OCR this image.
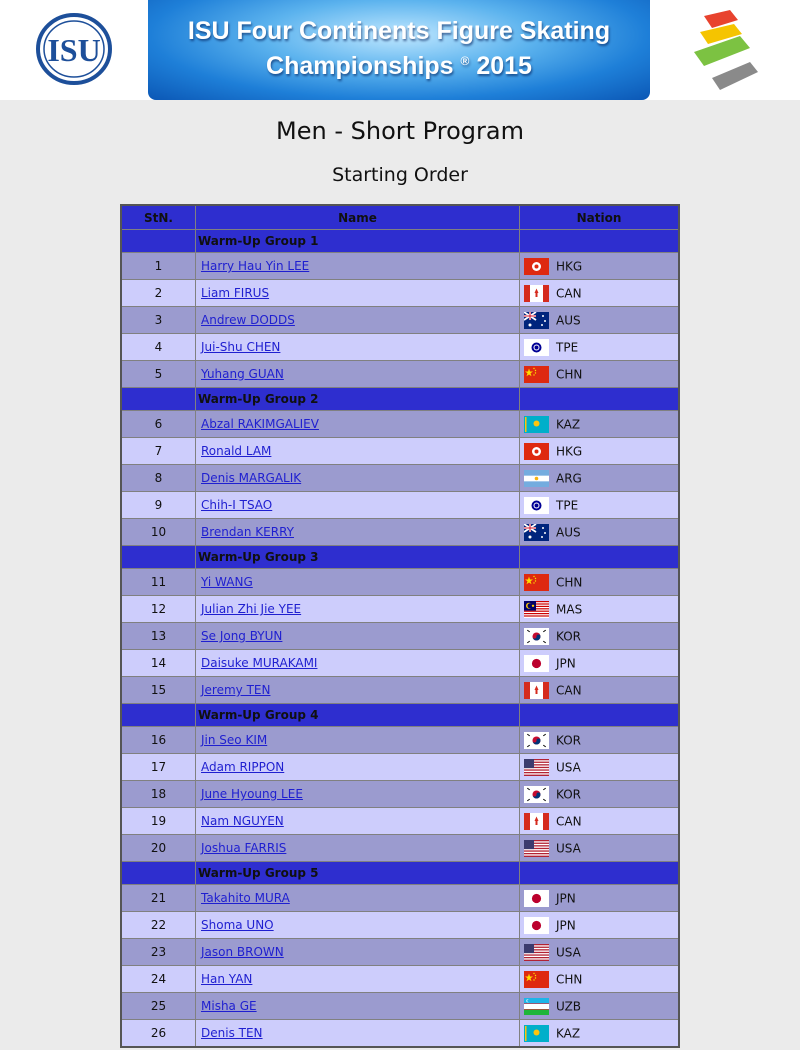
ISU
ISU Four Continents Figure Skating
Championships ® 2015
Men - Short Program
Starting Order
StN.	Name	Nation
	Warm-Up Group 1	
1	Harry Hau Yin LEE	HKG
2	Liam FIRUS	CAN
3	Andrew DODDS	AUS
4	Jui-Shu CHEN	TPE
5	Yuhang GUAN	CHN
	Warm-Up Group 2	
6	Abzal RAKIMGALIEV	KAZ
7	Ronald LAM	HKG
8	Denis MARGALIK	ARG
9	Chih-I TSAO	TPE
10	Brendan KERRY	AUS
	Warm-Up Group 3	
11	Yi WANG	CHN
12	Julian Zhi Jie YEE	MAS
13	Se Jong BYUN	KOR
14	Daisuke MURAKAMI	JPN
15	Jeremy TEN	CAN
	Warm-Up Group 4	
16	Jin Seo KIM	KOR
17	Adam RIPPON	USA
18	June Hyoung LEE	KOR
19	Nam NGUYEN	CAN
20	Joshua FARRIS	USA
	Warm-Up Group 5	
21	Takahito MURA	JPN
22	Shoma UNO	JPN
23	Jason BROWN	USA
24	Han YAN	CHN
25	Misha GE	UZB
26	Denis TEN	KAZ
